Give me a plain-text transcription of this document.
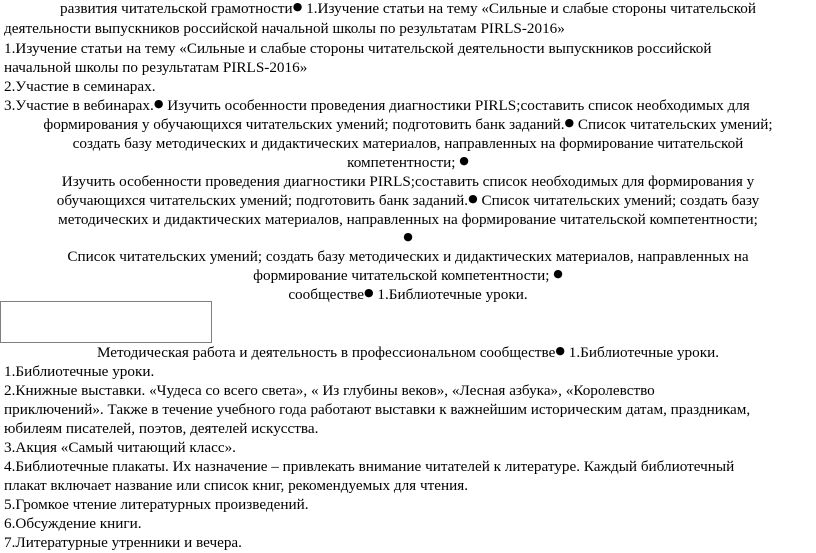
развития читательской грамотности● 1.Изучение статьи на тему «Сильные и слабые стороны читательской
деятельности выпускников российской начальной школы по результатам PIRLS-2016»
1.Изучение статьи на тему «Сильные и слабые стороны читательской деятельности выпускников российской
начальной школы по результатам PIRLS-2016»
2.Участие в семинарах.
3.Участие в вебинарах.● Изучить особенности проведения диагностики PIRLS;составить список необходимых для
формирования у обучающихся читательских умений; подготовить банк заданий.● Список читательских умений;
создать базу методических и дидактических материалов, направленных на формирование читательской
компетентности; ●
Изучить особенности проведения диагностики PIRLS;составить список необходимых для формирования у
обучающихся читательских умений; подготовить банк заданий.● Список читательских умений; создать базу
методических и дидактических материалов, направленных на формирование читательской компетентности;
●
Список читательских умений; создать базу методических и дидактических материалов, направленных на
формирование читательской компетентности; ●
сообществе● 1.Библиотечные уроки.
Методическая работа и деятельность в профессиональном сообществе● 1.Библиотечные уроки.
1.Библиотечные уроки.
2.Книжные выставки. «Чудеса со всего света», « Из глубины веков», «Лесная азбука», «Королевство
приключений». Также в течение учебного года работают выставки к важнейшим историческим датам, праздникам,
юбилеям писателей, поэтов, деятелей искусства.
3.Акция «Самый читающий класс».
4.Библиотечные плакаты. Их назначение – привлекать внимание читателей к литературе. Каждый библиотечный
плакат включает название или список книг, рекомендуемых для чтения.
5.Громкое чтение литературных произведений.
6.Обсуждение книги.
7.Литературные утренники и вечера.
